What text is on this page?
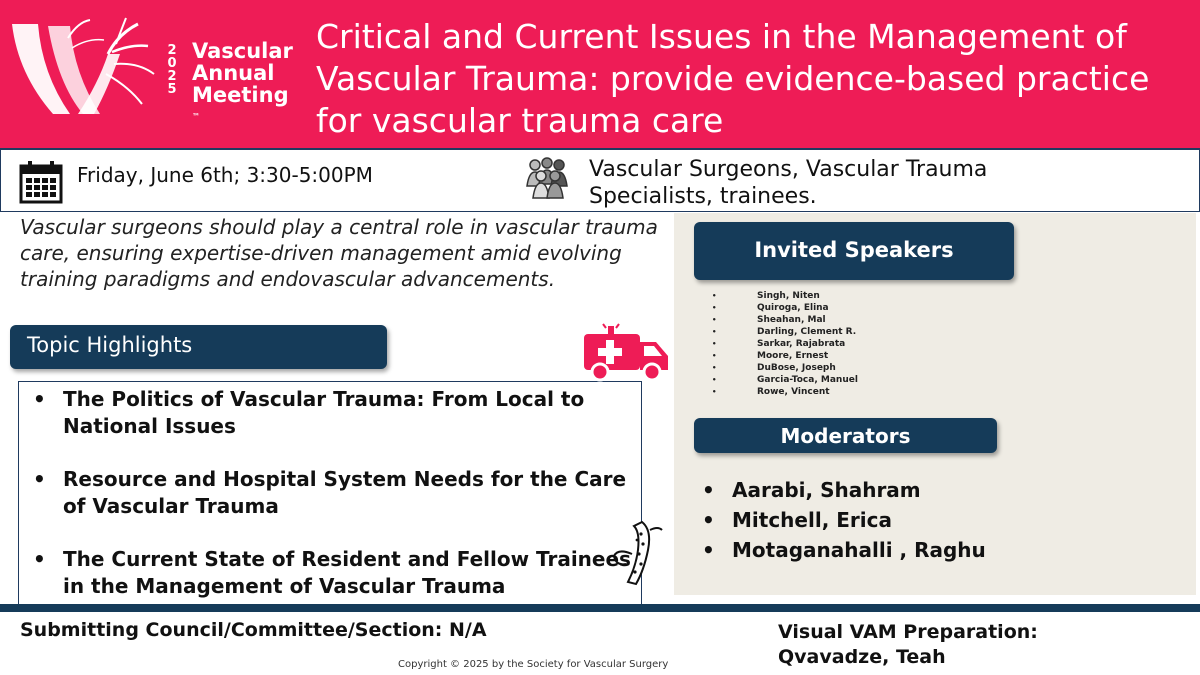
2
0
2
5
Vascular
Annual
Meeting
™
Critical and Current Issues in the Management of Vascular Trauma: provide evidence-based practice for vascular trauma care
Friday, June 6th; 3:30-5:00PM	Vascular Surgeons, Vascular Trauma Specialists, trainees.
Vascular surgeons should play a central role in vascular trauma care, ensuring expertise-driven management amid evolving training paradigms and endovascular advancements.
Topic Highlights
Invited Speakers
• Singh, Niten
• Quiroga, Elina
• Sheahan, Mal
• Darling, Clement R.
• Sarkar, Rajabrata
• Moore, Ernest
• DuBose, Joseph
• Garcia-Toca, Manuel
• Rowe, Vincent
Moderators
• Aarabi, Shahram
• Mitchell, Erica
• Motaganahalli , Raghu
• The Politics of Vascular Trauma: From Local to National Issues
• Resource and Hospital System Needs for the Care of Vascular Trauma
• The Current State of Resident and Fellow Trainees in the Management of Vascular Trauma
Submitting Council/Committee/Section: N/A
Copyright © 2025 by the Society for Vascular Surgery
Visual VAM Preparation:
Qvavadze, Teah
